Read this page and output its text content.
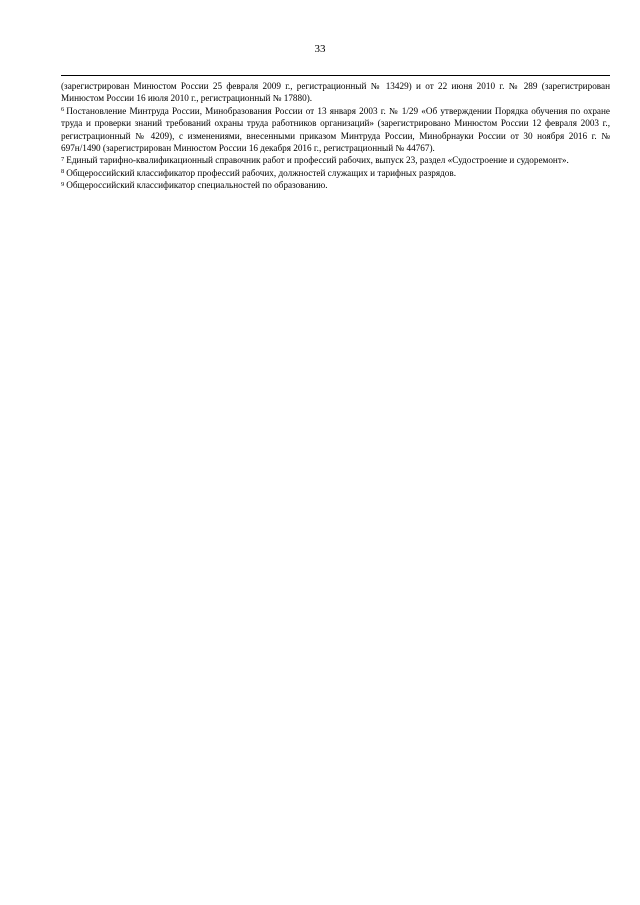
33

(зарегистрирован Минюстом России 25 февраля 2009 г., регистрационный № 13429) и от 22 июня 2010 г. № 289 (зарегистрирован Минюстом России 16 июля 2010 г., регистрационный № 17880).

$^6$ Постановление Минтруда России, Минобразования России от 13 января 2003 г. № 1/29 «Об утверждении Порядка обучения по охране труда и проверки знаний требований охраны труда работников организаций» (зарегистрировано Минюстом России 12 февраля 2003 г., регистрационный № 4209), с изменениями, внесенными приказом Минтруда России, Минобрнауки России от 30 ноября 2016 г. № 697н/1490 (зарегистрирован Минюстом России 16 декабря 2016 г., регистрационный № 44767).

$^7$ Единый тарифно-квалификационный справочник работ и профессий рабочих, выпуск 23, раздел «Судостроение и судоремонт».

$^8$ Общероссийский классификатор профессий рабочих, должностей служащих и тарифных разрядов.

$^9$ Общероссийский классификатор специальностей по образованию.
